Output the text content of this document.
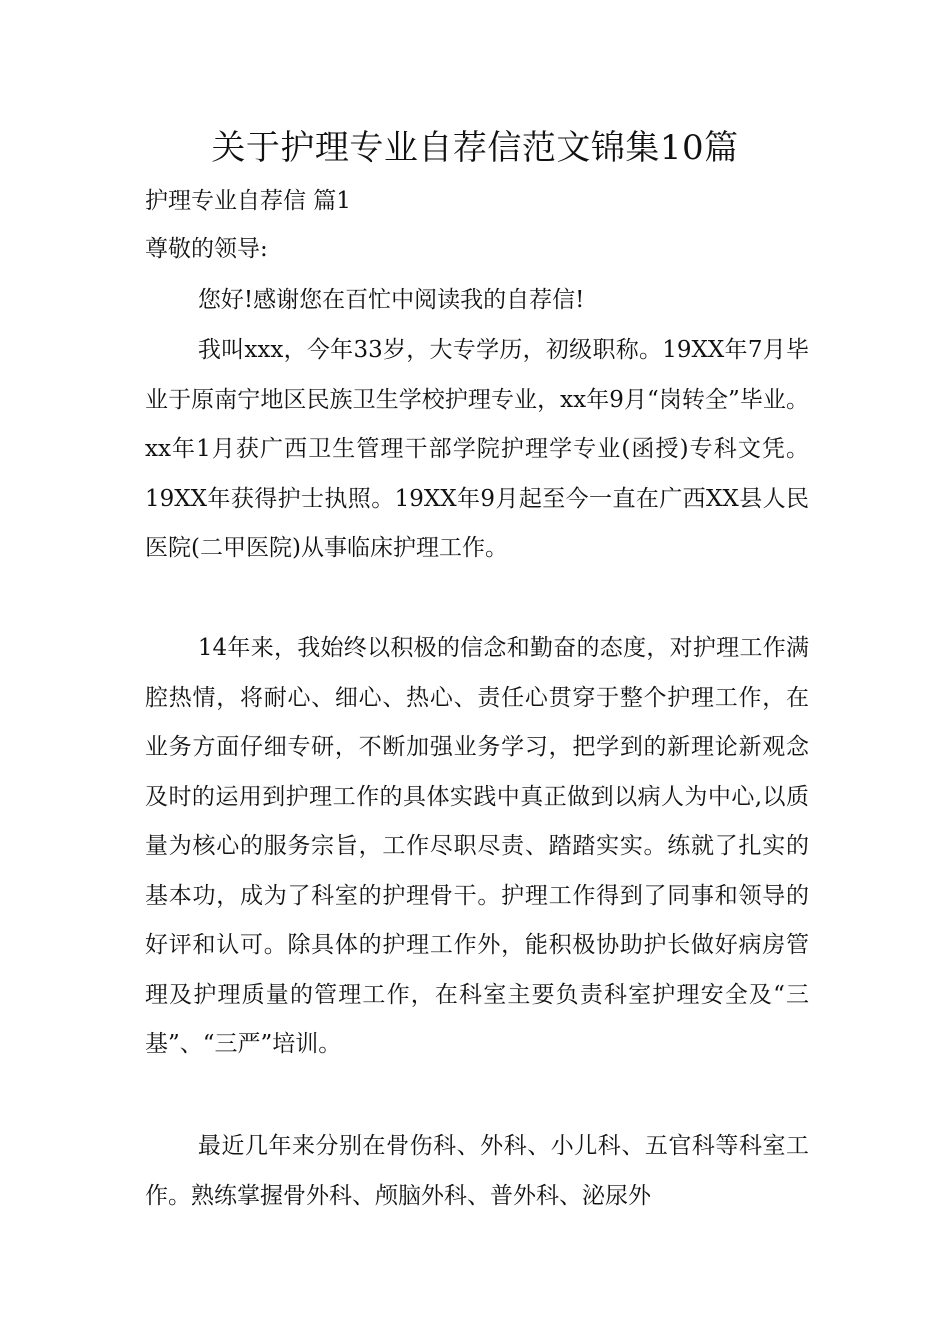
关于护理专业自荐信范文锦集10篇

护理专业自荐信 篇1

尊敬的领导:

您好!感谢您在百忙中阅读我的自荐信!

我叫xxx，今年33岁，大专学历，初级职称。19XX年7月毕业于原南宁地区民族卫生学校护理专业，xx年9月“岗转全”毕业。xx年1月获广西卫生管理干部学院护理学专业(函授)专科文凭。19XX年获得护士执照。19XX年9月起至今一直在广西XX县人民医院(二甲医院)从事临床护理工作。

14年来，我始终以积极的信念和勤奋的态度，对护理工作满腔热情，将耐心、细心、热心、责任心贯穿于整个护理工作，在业务方面仔细专研，不断加强业务学习，把学到的新理论新观念及时的运用到护理工作的具体实践中真正做到以病人为中心,以质量为核心的服务宗旨，工作尽职尽责、踏踏实实。练就了扎实的基本功，成为了科室的护理骨干。护理工作得到了同事和领导的好评和认可。除具体的护理工作外，能积极协助护长做好病房管理及护理质量的管理工作，在科室主要负责科室护理安全及“三基”、“三严”培训。

最近几年来分别在骨伤科、外科、小儿科、五官科等科室工作。熟练掌握骨外科、颅脑外科、普外科、泌尿外
